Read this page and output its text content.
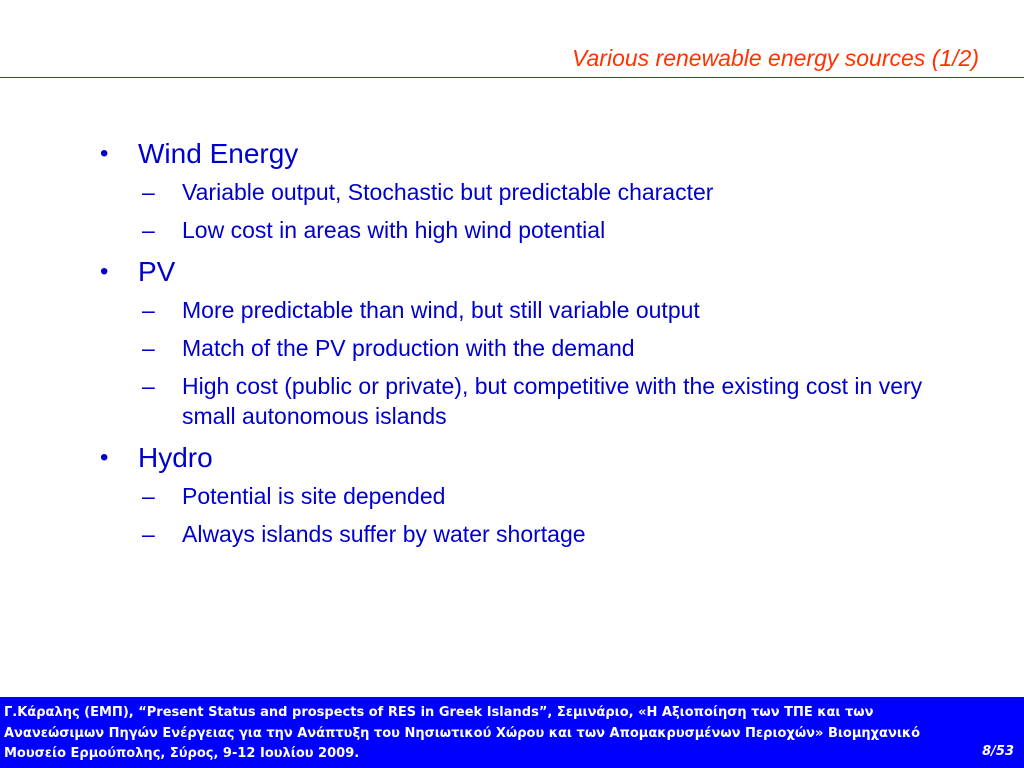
Various renewable energy sources (1/2)
•	Wind Energy
– Variable output, Stochastic but predictable character
– Low cost in areas with high wind potential
•	PV
– More predictable than wind, but still variable output
– Match of the PV production with the demand
– High cost (public or private), but competitive with the existing cost in very small autonomous islands
•	Hydro
– Potential is site depended
– Always islands suffer by water shortage

Γ.Κάραλης (ΕΜΠ), “Present Status and prospects of RES in Greek Islands”, Σεμινάριο, «Η Αξιοποίηση των ΤΠΕ και των Ανανεώσιμων Πηγών Ενέργειας για την Ανάπτυξη του Νησιωτικού Χώρου και των Απομακρυσμένων Περιοχών» Βιομηχανικό Μουσείο Ερμούπολης, Σύρος, 9-12 Ιουλίου 2009.	8/53
